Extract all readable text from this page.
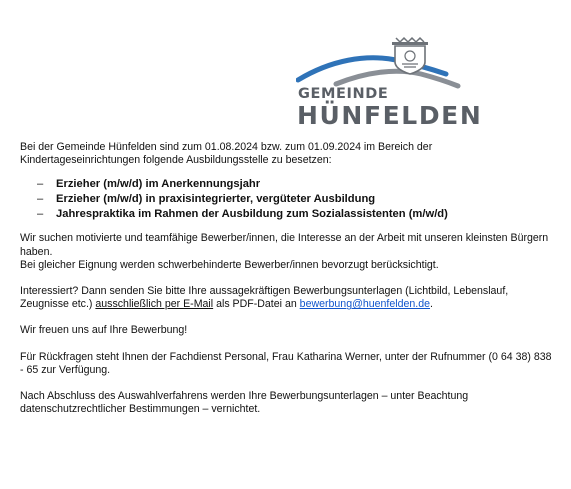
GEMEINDE
HÜNFELDEN

Bei der Gemeinde Hünfelden sind zum 01.08.2024 bzw. zum 01.09.2024 im Bereich der Kindertageseinrichtungen folgende Ausbildungsstelle zu besetzen:

– Erzieher (m/w/d) im Anerkennungsjahr
– Erzieher (m/w/d) in praxisintegrierter, vergüteter Ausbildung
– Jahrespraktika im Rahmen der Ausbildung zum Sozialassistenten (m/w/d)

Wir suchen motivierte und teamfähige Bewerber/innen, die Interesse an der Arbeit mit unseren kleinsten Bürgern haben.

Bei gleicher Eignung werden schwerbehinderte Bewerber/innen bevorzugt berücksichtigt.

Interessiert? Dann senden Sie bitte Ihre aussagekräftigen Bewerbungsunterlagen (Lichtbild, Lebenslauf, Zeugnisse etc.) ausschließlich per E-Mail als PDF-Datei an bewerbung@huenfelden.de.

Wir freuen uns auf Ihre Bewerbung!

Für Rückfragen steht Ihnen der Fachdienst Personal, Frau Katharina Werner, unter der Rufnummer (0 64 38) 838 - 65 zur Verfügung.

Nach Abschluss des Auswahlverfahrens werden Ihre Bewerbungsunterlagen – unter Beachtung datenschutzrechtlicher Bestimmungen – vernichtet.
